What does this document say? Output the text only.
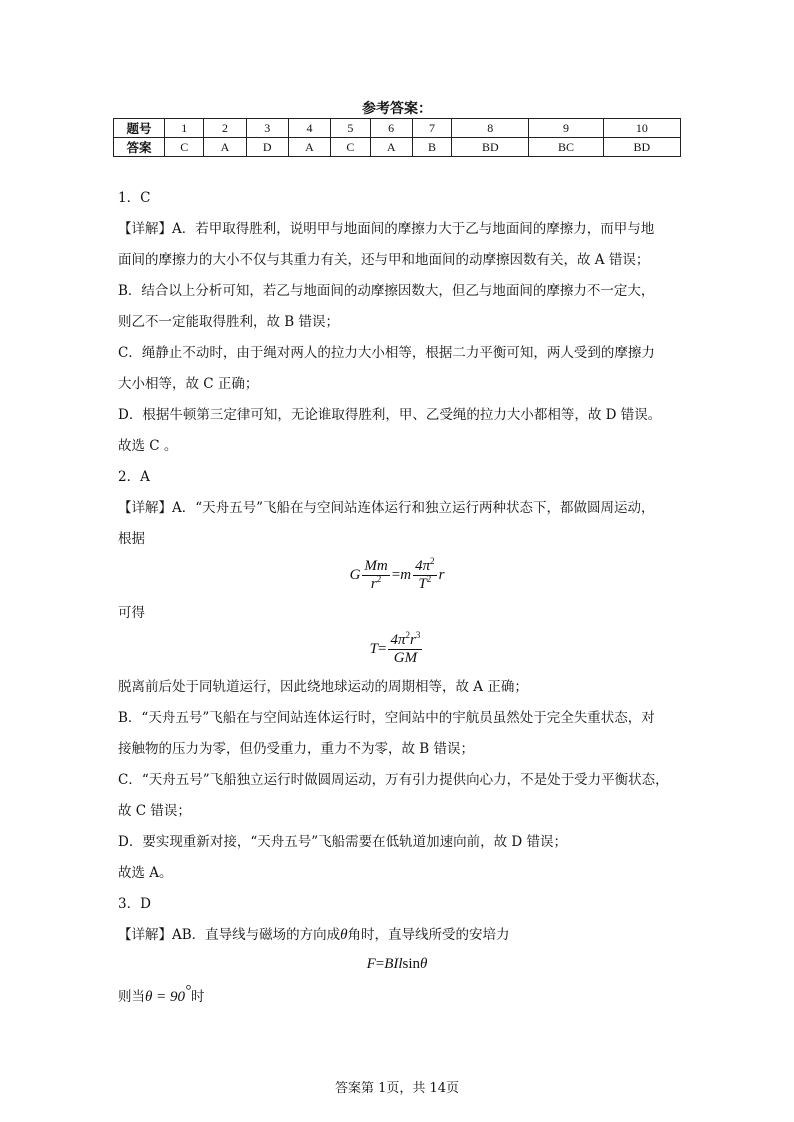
参考答案：
题号	1	2	3	4	5	6	7	8	9	10
答案	C	A	D	A	C	A	B	BD	BC	BD
1．C
【详解】A．若甲取得胜利，说明甲与地面间的摩擦力大于乙与地面间的摩擦力，而甲与地
面间的摩擦力的大小不仅与其重力有关，还与甲和地面间的动摩擦因数有关，故 A 错误；
B．结合以上分析可知，若乙与地面间的动摩擦因数大，但乙与地面间的摩擦力不一定大，
则乙不一定能取得胜利，故 B 错误；
C．绳静止不动时，由于绳对两人的拉力大小相等，根据二力平衡可知，两人受到的摩擦力
大小相等，故 C 正确；
D．根据牛顿第三定律可知，无论谁取得胜利，甲、乙受绳的拉力大小都相等，故 D 错误。
故选 C 。
2．A
【详解】A．“天舟五号”飞船在与空间站连体运行和独立运行两种状态下，都做圆周运动，
根据
G $\frac{Mm}{r^2} =m \frac{4\pi^2}{T^2}$ r
可得
$T= \frac{4\pi^2r^3}{GM}$
脱离前后处于同轨道运行，因此绕地球运动的周期相等，故 A 正确；
B．“天舟五号”飞船在与空间站连体运行时，空间站中的宇航员虽然处于完全失重状态，对
接触物的压力为零，但仍受重力，重力不为零，故 B 错误；
C．“天舟五号”飞船独立运行时做圆周运动，万有引力提供向心力，不是处于受力平衡状态，
故 C 错误；
D．要实现重新对接，“天舟五号”飞船需要在低轨道加速向前，故 D 错误；
故选 A。
3．D
【详解】AB．直导线与磁场的方向成θ角时，直导线所受的安培力
F=BIlsinθ
则当θ = 90°时
答案第 1页，共 14页
